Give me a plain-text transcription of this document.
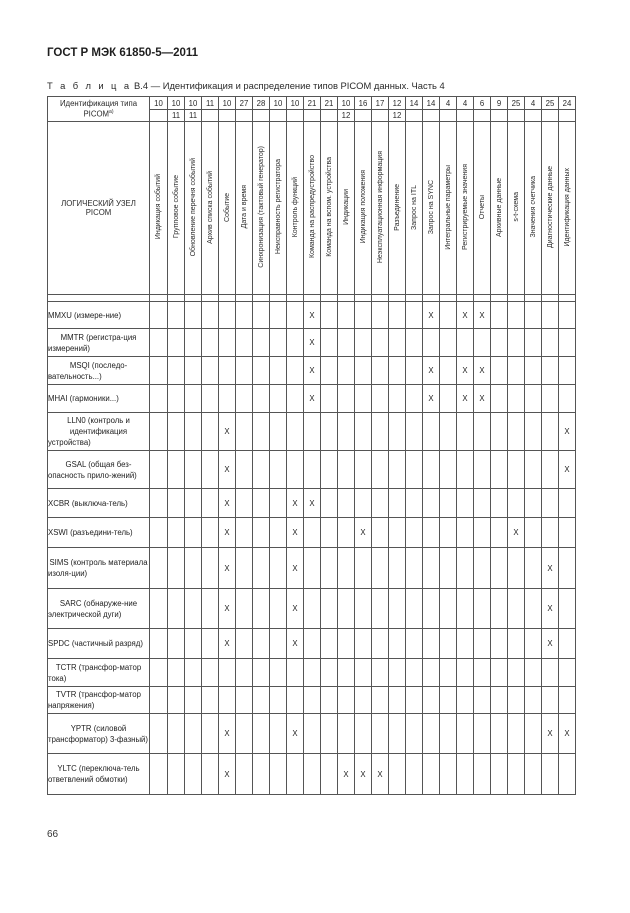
ГОСТ Р МЭК 61850-5—2011
Т а б л и ц а В.4 — Идентификация и распределение типов PICOM данных. Часть 4
Идентификация типа $PICOM^{а)}$	10	10	10	11	10	27	28	10	10	21	21	10	16	17	12	14	14	4	4	6	9	25	4	25	24
		11	11									12			12										
ЛОГИЧЕСКИЙ УЗЕЛ PICOM	Индикация событий	Групповое событие	Обновление перечня событий	Архив списка событий	Событие	Дата и время	Синхронизация (тактовый генератор)	Неисправность регистратора	Контроль функций	Команда на распредустройство	Команда на вспом. устройства	Индикации	Индикация положения	Неэксплуатационная информация	Разъединение	Запрос на ITL	Запрос на SYNC	Интегральные параметры	Регистрируемые значения	Отчеты	Архивные данные	s-t-схема	Значения счетчика	Диагностические данные	Идентификация данных

MMXU (измере-ние)										X							X		X	X					
MMTR (регистра-ция измерений)										X															
MSQI (последо-вательность...)										X							X		X	X					
MHAI (гармоники...)										X							X		X	X					
LLN0 (контроль и идентификация устройства)					X																				X
GSAL (общая без-опасность прило-жений)					X																				X
XCBR (выключа-тель)					X				X	X															
XSWI (разъедини-тель)					X				X				X									X			
SIMS (контроль материала изоля-ции)					X				X															X	
SARC (обнаруже-ние электрической дуги)					X				X															X	
SPDC (частичный разряд)					X				X															X	
TCTR (трансфор-матор тока)																									
TVTR (трансфор-матор напряжения)																									
YPTR (силовой трансформатор) 3-фазный)					X				X															X	X
YLTC (переключа-тель ответвлений обмотки)					X							X	X	X											
66
